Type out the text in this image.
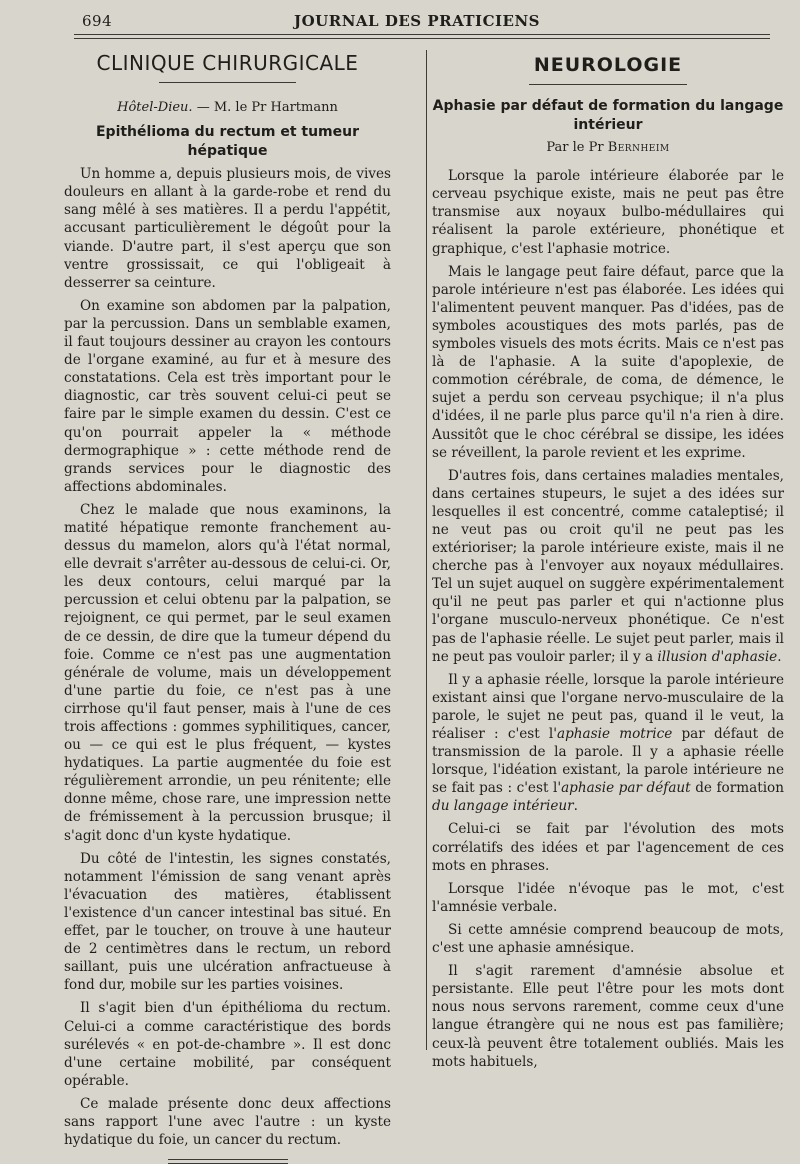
694	JOURNAL DES PRATICIENS
CLINIQUE CHIRURGICALE
Hôtel-Dieu. — M. le Pr Hartmann
Epithélioma du rectum et tumeur hépatique

Un homme a, depuis plusieurs mois, de vives douleurs en allant à la garde-robe et rend du sang mêlé à ses matières. Il a perdu l'appétit, accusant particulièrement le dégoût pour la viande. D'autre part, il s'est aperçu que son ventre grossissait, ce qui l'obligeait à desserrer sa ceinture.

On examine son abdomen par la palpation, par la percussion. Dans un semblable examen, il faut toujours dessiner au crayon les contours de l'organe examiné, au fur et à mesure des constatations. Cela est très important pour le diagnostic, car très souvent celui-ci peut se faire par le simple examen du dessin. C'est ce qu'on pourrait appeler la « méthode dermographique » : cette méthode rend de grands services pour le diagnostic des affections abdominales.

Chez le malade que nous examinons, la matité hépatique remonte franchement au-dessus du mamelon, alors qu'à l'état normal, elle devrait s'arrêter au-dessous de celui-ci. Or, les deux contours, celui marqué par la percussion et celui obtenu par la palpation, se rejoignent, ce qui permet, par le seul examen de ce dessin, de dire que la tumeur dépend du foie. Comme ce n'est pas une augmentation générale de volume, mais un développement d'une partie du foie, ce n'est pas à une cirrhose qu'il faut penser, mais à l'une de ces trois affections : gommes syphilitiques, cancer, ou — ce qui est le plus fréquent, — kystes hydatiques. La partie augmentée du foie est régulièrement arrondie, un peu rénitente; elle donne même, chose rare, une impression nette de frémissement à la percussion brusque; il s'agit donc d'un kyste hydatique.

Du côté de l'intestin, les signes constatés, notamment l'émission de sang venant après l'évacuation des matières, établissent l'existence d'un cancer intestinal bas situé. En effet, par le toucher, on trouve à une hauteur de 2 centimètres dans le rectum, un rebord saillant, puis une ulcération anfractueuse à fond dur, mobile sur les parties voisines.

Il s'agit bien d'un épithélioma du rectum. Celui-ci a comme caractéristique des bords surélevés « en pot-de-chambre ». Il est donc d'une certaine mobilité, par conséquent opérable.

Ce malade présente donc deux affections sans rapport l'une avec l'autre : un kyste hydatique du foie, un cancer du rectum.

NEUROLOGIE
Aphasie par défaut de formation du langage intérieur
Par le Pr Bernheim

Lorsque la parole intérieure élaborée par le cerveau psychique existe, mais ne peut pas être transmise aux noyaux bulbo-médullaires qui réalisent la parole extérieure, phonétique et graphique, c'est l'aphasie motrice.

Mais le langage peut faire défaut, parce que la parole intérieure n'est pas élaborée. Les idées qui l'alimentent peuvent manquer. Pas d'idées, pas de symboles acoustiques des mots parlés, pas de symboles visuels des mots écrits. Mais ce n'est pas là de l'aphasie. A la suite d'apoplexie, de commotion cérébrale, de coma, de démence, le sujet a perdu son cerveau psychique; il n'a plus d'idées, il ne parle plus parce qu'il n'a rien à dire. Aussitôt que le choc cérébral se dissipe, les idées se réveillent, la parole revient et les exprime.

D'autres fois, dans certaines maladies mentales, dans certaines stupeurs, le sujet a des idées sur lesquelles il est concentré, comme cataleptisé; il ne veut pas ou croit qu'il ne peut pas les extérioriser; la parole intérieure existe, mais il ne cherche pas à l'envoyer aux noyaux médullaires. Tel un sujet auquel on suggère expérimentalement qu'il ne peut pas parler et qui n'actionne plus l'organe musculo-nerveux phonétique. Ce n'est pas de l'aphasie réelle. Le sujet peut parler, mais il ne peut pas vouloir parler; il y a illusion d'aphasie.

Il y a aphasie réelle, lorsque la parole intérieure existant ainsi que l'organe nervo-musculaire de la parole, le sujet ne peut pas, quand il le veut, la réaliser : c'est l'aphasie motrice par défaut de transmission de la parole. Il y a aphasie réelle lorsque, l'idéation existant, la parole intérieure ne se fait pas : c'est l'aphasie par défaut de formation du langage intérieur.

Celui-ci se fait par l'évolution des mots corrélatifs des idées et par l'agencement de ces mots en phrases.

Lorsque l'idée n'évoque pas le mot, c'est l'amnésie verbale.

Si cette amnésie comprend beaucoup de mots, c'est une aphasie amnésique.

Il s'agit rarement d'amnésie absolue et persistante. Elle peut l'être pour les mots dont nous nous servons rarement, comme ceux d'une langue étrangère qui ne nous est pas familière; ceux-là peuvent être totalement oubliés. Mais les mots habituels,
